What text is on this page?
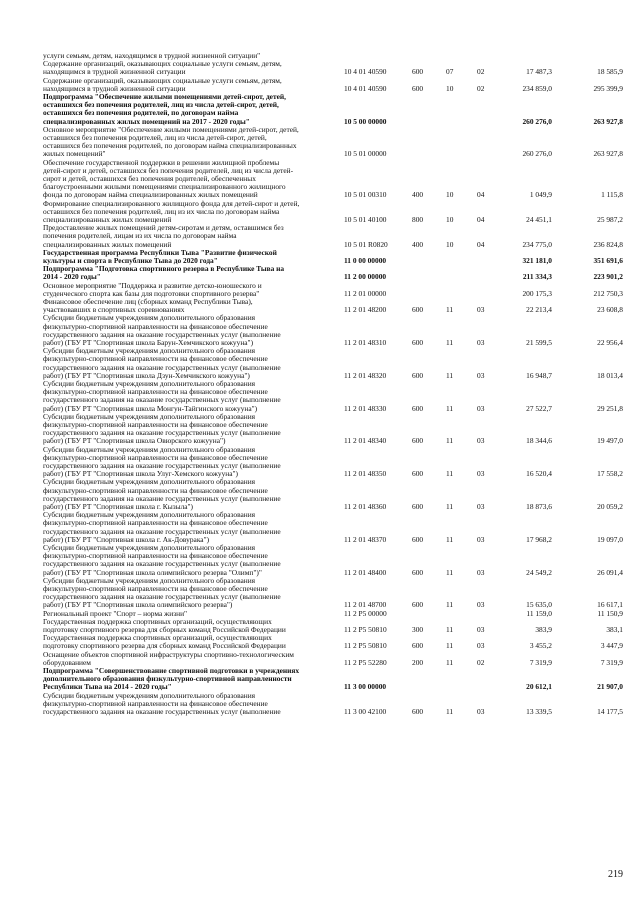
услуги семьям, детям, находящимся в трудной жизненной ситуации"
Содержание организаций, оказывающих социальные услуги семьям, детям,
находящимся в трудной жизненной ситуации	10 4 01 40590	600	07	02	17 487,3	18 585,9
Содержание организаций, оказывающих социальные услуги семьям, детям,
находящимся в трудной жизненной ситуации	10 4 01 40590	600	10	02	234 859,0	295 399,9
Подпрограмма "Обеспечение жилыми помещениями детей-сирот, детей,
оставшихся без попечения родителей, лиц из числа детей-сирот, детей,
оставшихся без попечения родителей, по договорам найма
специализированных жилых помещений на 2017 - 2020 годы"	10 5 00 00000	260 276,0	263 927,8
Основное мероприятие "Обеспечение жилыми помещениями детей-сирот, детей,
оставшихся без попечения родителей, лиц из числа детей-сирот, детей,
оставшихся без попечения родителей, по договорам найма специализированных
жилых помещений"	10 5 01 00000	260 276,0	263 927,8
Обеспечение государственной поддержки в решении жилищной проблемы
детей-сирот и детей, оставшихся без попечения родителей, лиц из числа детей-
сирот и детей, оставшихся без попечения родителей, обеспеченных
благоустроенными жилыми помещениями специализированного жилищного
фонда по договорам найма специализированных жилых помещений	10 5 01 00310	400	10	04	1 049,9	1 115,8
Формирование специализированного жилищного фонда для детей-сирот и детей,
оставшихся без попечения родителей, лиц из их числа по договорам найма
специализированных жилых помещений	10 5 01 40100	800	10	04	24 451,1	25 987,2
Предоставление жилых помещений детям-сиротам и детям, оставшимся без
попечения родителей, лицам из их числа по договорам найма
специализированных жилых помещений	10 5 01 R0820	400	10	04	234 775,0	236 824,8
Государственная программа Республики Тыва "Развитие физической
культуры и спорта в Республике Тыва до 2020 года"	11 0 00 00000	321 181,0	351 691,6
Подпрограмма "Подготовка спортивного резерва в Республике Тыва на
2014 - 2020 годы"	11 2 00 00000	211 334,3	223 901,2
Основное мероприятие "Поддержка и развитие детско-юношеского и
студенческого спорта как базы для подготовки спортивного резерва"	11 2 01 00000	200 175,3	212 750,3
Финансовое обеспечение лиц (сборных команд Республики Тыва),
участвовавших в спортивных соревнованиях	11 2 01 48200	600	11	03	22 213,4	23 608,8
Субсидии бюджетным учреждениям дополнительного образования
физкультурно-спортивной направленности на финансовое обеспечение
государственного задания на оказание государственных услуг (выполнение
работ) (ГБУ РТ "Спортивная школа Барун-Хемчикского кожууна")	11 2 01 48310	600	11	03	21 599,5	22 956,4
Субсидии бюджетным учреждениям дополнительного образования
физкультурно-спортивной направленности на финансовое обеспечение
государственного задания на оказание государственных услуг (выполнение
работ) (ГБУ РТ "Спортивная школа Дзун-Хемчикского кожууна")	11 2 01 48320	600	11	03	16 948,7	18 013,4
Субсидии бюджетным учреждениям дополнительного образования
физкультурно-спортивной направленности на финансовое обеспечение
государственного задания на оказание государственных услуг (выполнение
работ) (ГБУ РТ "Спортивная школа Монгун-Тайгинского кожууна")	11 2 01 48330	600	11	03	27 522,7	29 251,8
Субсидии бюджетным учреждениям дополнительного образования
физкультурно-спортивной направленности на финансовое обеспечение
государственного задания на оказание государственных услуг (выполнение
работ) (ГБУ РТ "Спортивная школа Овюрского кожууна")	11 2 01 48340	600	11	03	18 344,6	19 497,0
Субсидии бюджетным учреждениям дополнительного образования
физкультурно-спортивной направленности на финансовое обеспечение
государственного задания на оказание государственных услуг (выполнение
работ) (ГБУ РТ "Спортивная школа Улуг-Хемского кожууна")	11 2 01 48350	600	11	03	16 520,4	17 558,2
Субсидии бюджетным учреждениям дополнительного образования
физкультурно-спортивной направленности на финансовое обеспечение
государственного задания на оказание государственных услуг (выполнение
работ) (ГБУ РТ "Спортивная школа г. Кызыла")	11 2 01 48360	600	11	03	18 873,6	20 059,2
Субсидии бюджетным учреждениям дополнительного образования
физкультурно-спортивной направленности на финансовое обеспечение
государственного задания на оказание государственных услуг (выполнение
работ) (ГБУ РТ "Спортивная школа г. Ак-Довурака")	11 2 01 48370	600	11	03	17 968,2	19 097,0
Субсидии бюджетным учреждениям дополнительного образования
физкультурно-спортивной направленности на финансовое обеспечение
государственного задания на оказание государственных услуг (выполнение
работ) (ГБУ РТ "Спортивная школа олимпийского резерва "Олимп")"	11 2 01 48400	600	11	03	24 549,2	26 091,4
Субсидии бюджетным учреждениям дополнительного образования
физкультурно-спортивной направленности на финансовое обеспечение
государственного задания на оказание государственных услуг (выполнение
работ) (ГБУ РТ "Спортивная школа олимпийского резерва")	11 2 01 48700	600	11	03	15 635,0	16 617,1
Региональный проект "Спорт – норма жизни"	11 2 P5 00000	11 159,0	11 150,9
Государственная поддержка спортивных организаций, осуществляющих
подготовку спортивного резерва для сборных команд Российской Федерации	11 2 P5 50810	300	11	03	383,9	383,1
Государственная поддержка спортивных организаций, осуществляющих
подготовку спортивного резерва для сборных команд Российской Федерации	11 2 P5 50810	600	11	03	3 455,2	3 447,9
Оснащение объектов спортивной инфраструктуры спортивно-технологическим
оборудованием	11 2 P5 52280	200	11	02	7 319,9	7 319,9
Подпрограмма "Совершенствование спортивной подготовки в учреждениях
дополнительного образования физкультурно-спортивной направленности
Республики Тыва на 2014 - 2020 годы"	11 3 00 00000	20 612,1	21 907,0
Субсидии бюджетным учреждениям дополнительного образования
физкультурно-спортивной направленности на финансовое обеспечение
государственного задания на оказание государственных услуг (выполнение	11 3 00 42100	600	11	03	13 339,5	14 177,5
219
